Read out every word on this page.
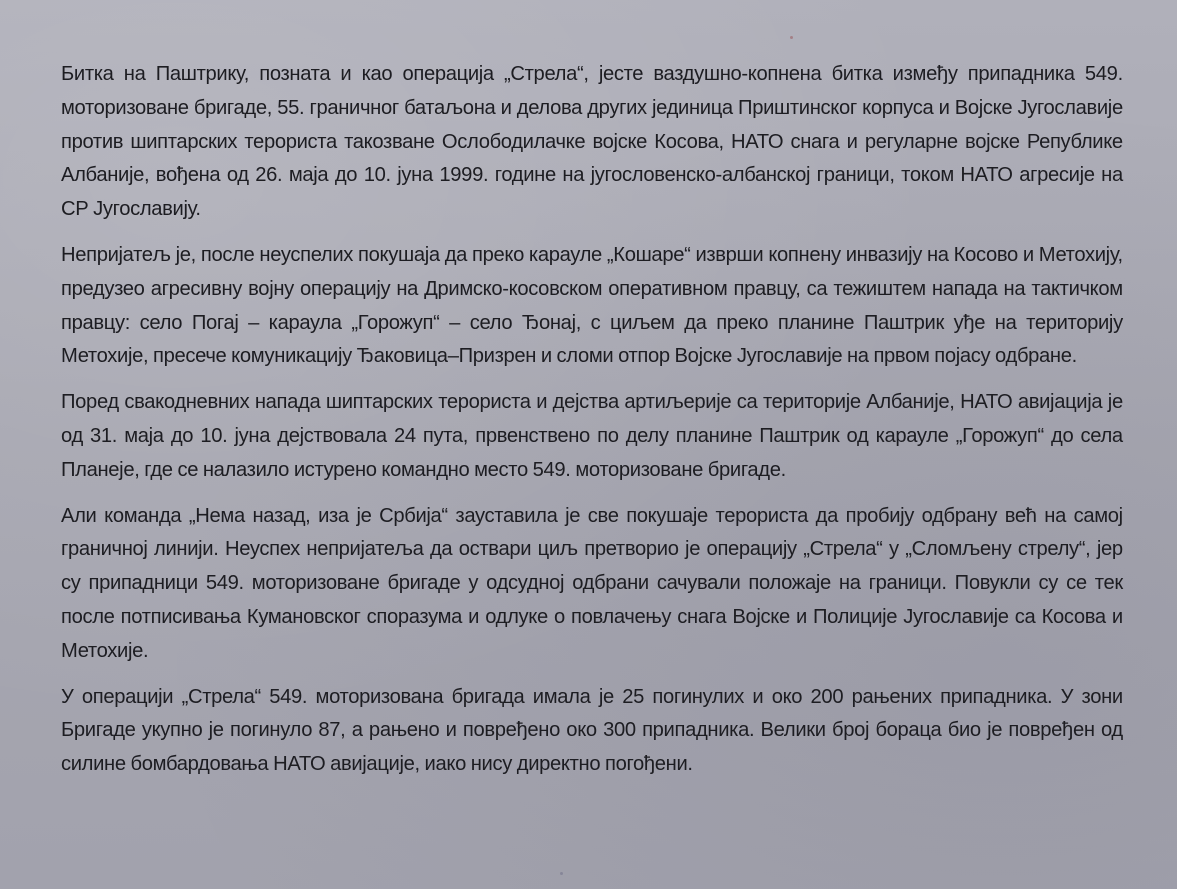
Битка на Паштрику, позната и као операција „Стрела“, јесте ваздушно-копнена битка између припадника 549. моторизоване бригаде, 55. граничног батаљона и делова других јединица Приштинског корпуса и Војске Југославије против шиптарских терориста такозване Ослободилачке војске Косова, НАТО снага и регуларне војске Републике Албаније, вођена од 26. маја до 10. јуна 1999. године на југословенско-албанској граници, током НАТО агресије на СР Југославију.

Непријатељ је, после неуспелих покушаја да преко карауле „Кошаре“ изврши копнену инвазију на Косово и Метохију, предузео агресивну војну операцију на Дримско-косовском оперативном правцу, са тежиштем напада на тактичком правцу: село Погај – караула „Горожуп“ – село Ђонај, с циљем да преко планине Паштрик уђе на територију Метохије, пресече комуникацију Ђаковица–Призрен и сломи отпор Војске Југославије на првом појасу одбране.

Поред свакодневних напада шиптарских терориста и дејства артиљерије са територије Албаније, НАТО авијација је од 31. маја до 10. јуна дејствовала 24 пута, првенствено по делу планине Паштрик од карауле „Горожуп“ до села Планеје, где се налазило истурено командно место 549. моторизоване бригаде.

Али команда „Нема назад, иза је Србија“ зауставила је све покушаје терориста да пробију одбрану већ на самој граничној линији. Неуспех непријатеља да оствари циљ претворио је операцију „Стрела“ у „Сломљену стрелу“, јер су припадници 549. моторизоване бригаде у одсудној одбрани сачували положаје на граници. Повукли су се тек после потписивања Кумановског споразума и одлуке о повлачењу снага Војске и Полиције Југославије са Косова и Метохије.

У операцији „Стрела“ 549. моторизована бригада имала је 25 погинулих и око 200 рањених припадника. У зони Бригаде укупно је погинуло 87, а рањено и повређено око 300 припадника. Велики број бораца био је повређен од силине бомбардовања НАТО авијације, иако нису директно погођени.
